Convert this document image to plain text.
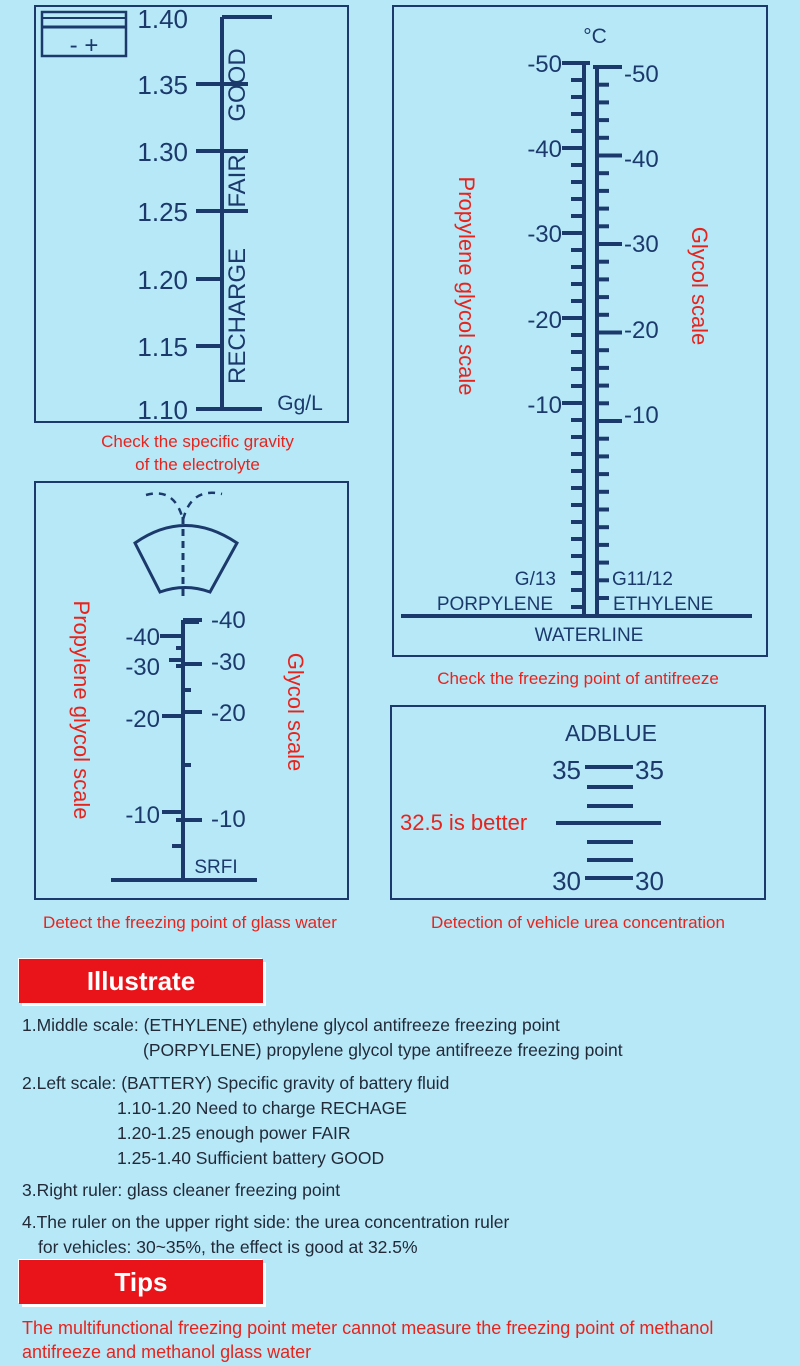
- +
1.40
1.35
1.30
1.25
1.20
1.15
1.10
GOOD
FAIR
RECHARGE
Gg/L
°C
-50
-40
-30
-20
-10
-50
-40
-30
-20
-10
Propylene glycol scale	Glycol scale
G/13	G11/12
PORPYLENE	ETHYLENE
WATERLINE
-40
-30
-20
-10
-40
-30
-20
-10
SRFI
Propylene glycol scale	Glycol scale	ADBLUE
35 35
30 30
32.5 is better
Check the specific gravity
of the electrolyte
Check the freezing point of antifreeze
Detect the freezing point of glass water	Detection of vehicle urea concentration
Illustrate
1.Middle scale: (ETHYLENE) ethylene glycol antifreeze freezing point
(PORPYLENE) propylene glycol type antifreeze freezing point
2.Left scale: (BATTERY) Specific gravity of battery fluid
1.10-1.20 Need to charge RECHAGE
1.20-1.25 enough power FAIR
1.25-1.40 Sufficient battery GOOD
3.Right ruler: glass cleaner freezing point
4.The ruler on the upper right side: the urea concentration ruler
for vehicles: 30~35%, the effect is good at 32.5%
Tips
The multifunctional freezing point meter cannot measure the freezing point of methanol antifreeze and methanol glass water
